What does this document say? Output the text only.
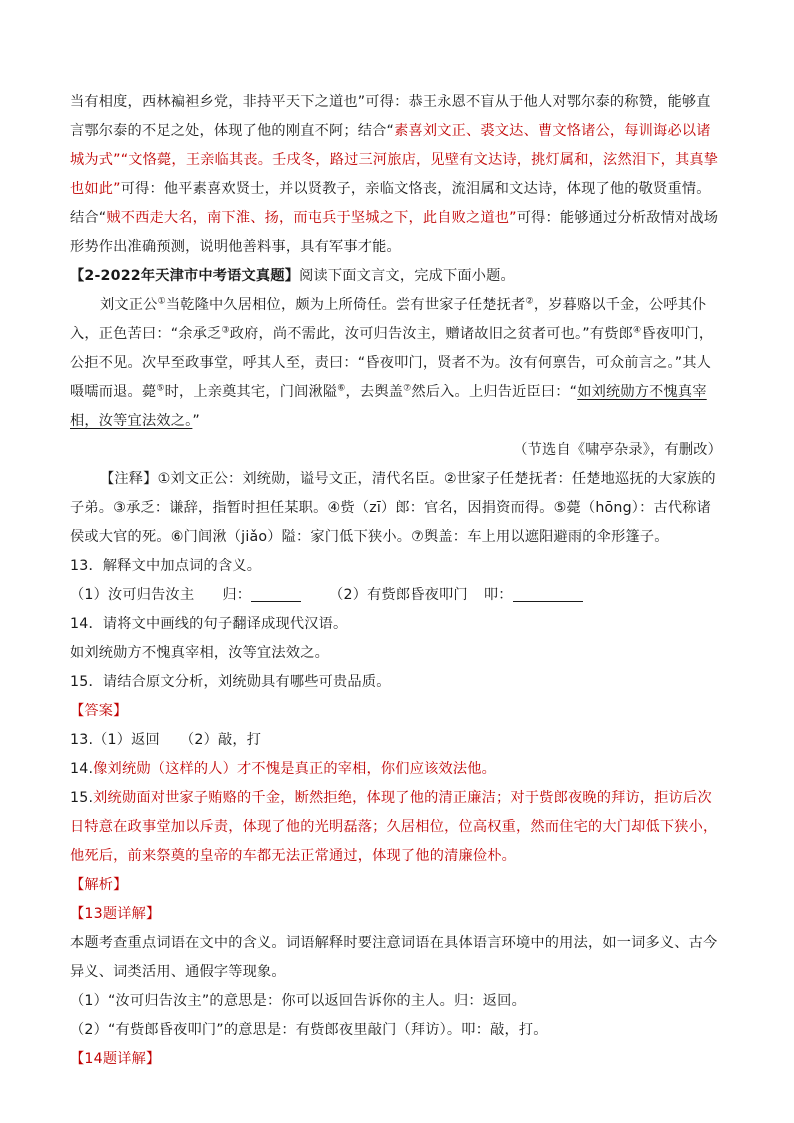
当有相度，西林褊袒乡党，非持平天下之道也”可得：恭王永恩不盲从于他人对鄂尔泰的称赞，能够直言鄂尔泰的不足之处，体现了他的刚直不阿；结合“素喜刘文正、裘文达、曹文恪诸公，每训诲必以诸城为式”“文恪薨，王亲临其丧。壬戌冬，路过三河旅店，见壁有文达诗，挑灯属和，泫然泪下，其真挚也如此”可得：他平素喜欢贤士，并以贤教子，亲临文恪丧，流泪属和文达诗，体现了他的敬贤重情。结合“贼不西走大名，南下淮、扬，而屯兵于坚城之下，此自败之道也”可得：能够通过分析敌情对战场形势作出准确预测，说明他善料事，具有军事才能。

【2-2022年天津市中考语文真题】阅读下面文言文，完成下面小题。

刘文正公①当乾隆中久居相位，颇为上所倚任。尝有世家子任楚抚者②，岁暮赂以千金，公呼其仆入，正色苦曰：“余承乏③政府，尚不需此，汝可归告汝主，赠诸故旧之贫者可也。”有赀郎④昏夜叩门，公拒不见。次早至政事堂，呼其人至，责曰：“昏夜叩门，贤者不为。汝有何禀告，可众前言之。”其人嗫嚅而退。薨⑤时，上亲奠其宅，门闾湫隘⑥，去舆盖⑦然后入。上归告近臣曰：“如刘统勋方不愧真宰相，汝等宜法效之。”

（节选自《啸亭杂录》，有删改）

【注释】①刘文正公：刘统勋，谥号文正，清代名臣。②世家子任楚抚者：任楚地巡抚的大家族的子弟。③承乏：谦辞，指暂时担任某职。④赀（zī）郎：官名，因捐资而得。⑤薨（hōng）：古代称诸侯或大官的死。⑥门闾湫（jiǎo）隘：家门低下狭小。⑦舆盖：车上用以遮阳避雨的伞形篷子。

13．解释文中加点词的含义。

（1）汝可归告汝主 归：	（2）有赀郎昏夜叩门 叩：

14．请将文中画线的句子翻译成现代汉语。

如刘统勋方不愧真宰相，汝等宜法效之。

15．请结合原文分析，刘统勋具有哪些可贵品质。

【答案】

13.（1）返回 （2）敲，打

14.像刘统勋（这样的人）才不愧是真正的宰相，你们应该效法他。

15.刘统勋面对世家子贿赂的千金，断然拒绝，体现了他的清正廉洁；对于赀郎夜晚的拜访，拒访后次日特意在政事堂加以斥责，体现了他的光明磊落；久居相位，位高权重，然而住宅的大门却低下狭小，他死后，前来祭奠的皇帝的车都无法正常通过，体现了他的清廉俭朴。

【解析】

【13题详解】

本题考查重点词语在文中的含义。词语解释时要注意词语在具体语言环境中的用法，如一词多义、古今异义、词类活用、通假字等现象。

（1）“汝可归告汝主”的意思是：你可以返回告诉你的主人。归：返回。

（2）“有赀郎昏夜叩门”的意思是：有赀郎夜里敲门（拜访）。叩：敲，打。

【14题详解】
